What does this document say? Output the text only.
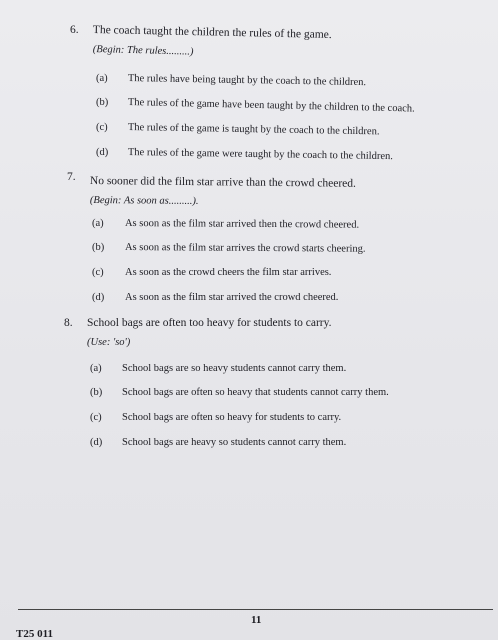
6. The coach taught the children the rules of the game.
(Begin: The rules.........)
(a) The rules have being taught by the coach to the children.
(b) The rules of the game have been taught by the children to the coach.
(c) The rules of the game is taught by the coach to the children.
(d) The rules of the game were taught by the coach to the children.
7. No sooner did the film star arrive than the crowd cheered.
(Begin: As soon as.........).
(a) As soon as the film star arrived then the crowd cheered.
(b) As soon as the film star arrives the crowd starts cheering.
(c) As soon as the crowd cheers the film star arrives.
(d) As soon as the film star arrived the crowd cheered.
8. School bags are often too heavy for students to carry.
(Use: 'so')
(a) School bags are so heavy students cannot carry them.
(b) School bags are often so heavy that students cannot carry them.
(c) School bags are often so heavy for students to carry.
(d) School bags are heavy so students cannot carry them.
11
T25 011
